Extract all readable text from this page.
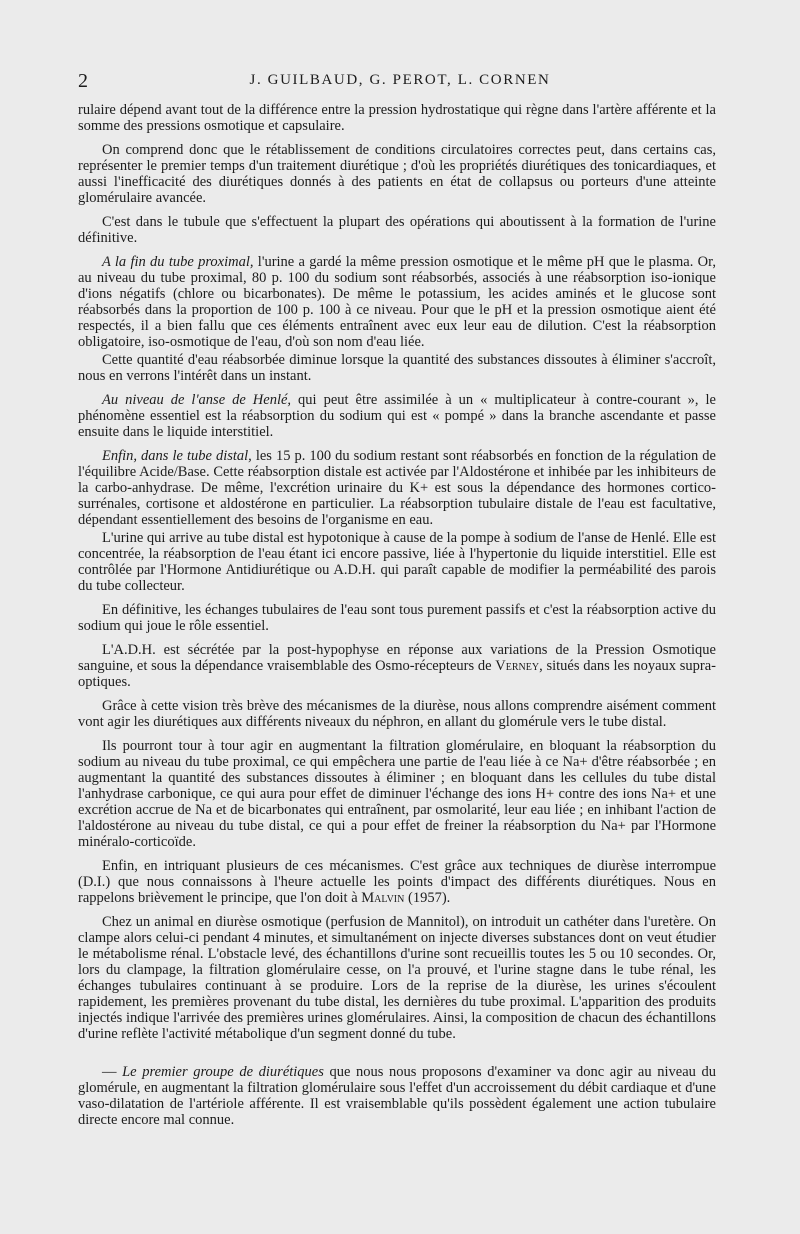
2	J. GUILBAUD, G. PEROT, L. CORNEN

rulaire dépend avant tout de la différence entre la pression hydrostatique qui règne dans l'artère afférente et la somme des pressions osmotique et capsulaire.

On comprend donc que le rétablissement de conditions circulatoires correctes peut, dans certains cas, représenter le premier temps d'un traitement diurétique ; d'où les propriétés diurétiques des tonicardiaques, et aussi l'inefficacité des diurétiques donnés à des patients en état de collapsus ou porteurs d'une atteinte glomérulaire avancée.

C'est dans le tubule que s'effectuent la plupart des opérations qui aboutissent à la formation de l'urine définitive.

A la fin du tube proximal, l'urine a gardé la même pression osmotique et le même pH que le plasma. Or, au niveau du tube proximal, 80 p. 100 du sodium sont réabsorbés, associés à une réabsorption iso-ionique d'ions négatifs (chlore ou bicarbonates). De même le potassium, les acides aminés et le glucose sont réabsorbés dans la proportion de 100 p. 100 à ce niveau. Pour que le pH et la pression osmotique aient été respectés, il a bien fallu que ces éléments entraînent avec eux leur eau de dilution. C'est la réabsorption obligatoire, iso-osmotique de l'eau, d'où son nom d'eau liée.

Cette quantité d'eau réabsorbée diminue lorsque la quantité des substances dissoutes à éliminer s'accroît, nous en verrons l'intérêt dans un instant.

Au niveau de l'anse de Henlé, qui peut être assimilée à un « multiplicateur à contre-courant », le phénomène essentiel est la réabsorption du sodium qui est « pompé » dans la branche ascendante et passe ensuite dans le liquide interstitiel.

Enfin, dans le tube distal, les 15 p. 100 du sodium restant sont réabsorbés en fonction de la régulation de l'équilibre Acide/Base. Cette réabsorption distale est activée par l'Aldostérone et inhibée par les inhibiteurs de la carbo-anhydrase. De même, l'excrétion urinaire du K+ est sous la dépendance des hormones cortico-surrénales, cortisone et aldostérone en particulier. La réabsorption tubulaire distale de l'eau est facultative, dépendant essentiellement des besoins de l'organisme en eau.

L'urine qui arrive au tube distal est hypotonique à cause de la pompe à sodium de l'anse de Henlé. Elle est concentrée, la réabsorption de l'eau étant ici encore passive, liée à l'hypertonie du liquide interstitiel. Elle est contrôlée par l'Hormone Antidiurétique ou A.D.H. qui paraît capable de modifier la perméabilité des parois du tube collecteur.

En définitive, les échanges tubulaires de l'eau sont tous purement passifs et c'est la réabsorption active du sodium qui joue le rôle essentiel.

L'A.D.H. est sécrétée par la post-hypophyse en réponse aux variations de la Pression Osmotique sanguine, et sous la dépendance vraisemblable des Osmo-récepteurs de Verney, situés dans les noyaux supra-optiques.

Grâce à cette vision très brève des mécanismes de la diurèse, nous allons comprendre aisément comment vont agir les diurétiques aux différents niveaux du néphron, en allant du glomérule vers le tube distal.

Ils pourront tour à tour agir en augmentant la filtration glomérulaire, en bloquant la réabsorption du sodium au niveau du tube proximal, ce qui empêchera une partie de l'eau liée à ce Na+ d'être réabsorbée ; en augmentant la quantité des substances dissoutes à éliminer ; en bloquant dans les cellules du tube distal l'anhydrase carbonique, ce qui aura pour effet de diminuer l'échange des ions H+ contre des ions Na+ et une excrétion accrue de Na et de bicarbonates qui entraînent, par osmolarité, leur eau liée ; en inhibant l'action de l'aldostérone au niveau du tube distal, ce qui a pour effet de freiner la réabsorption du Na+ par l'Hormone minéralo-corticoïde.

Enfin, en intriquant plusieurs de ces mécanismes. C'est grâce aux techniques de diurèse interrompue (D.I.) que nous connaissons à l'heure actuelle les points d'impact des différents diurétiques. Nous en rappelons brièvement le principe, que l'on doit à Malvin (1957).

Chez un animal en diurèse osmotique (perfusion de Mannitol), on introduit un cathéter dans l'uretère. On clampe alors celui-ci pendant 4 minutes, et simultanément on injecte diverses substances dont on veut étudier le métabolisme rénal. L'obstacle levé, des échantillons d'urine sont recueillis toutes les 5 ou 10 secondes. Or, lors du clampage, la filtration glomérulaire cesse, on l'a prouvé, et l'urine stagne dans le tube rénal, les échanges tubulaires continuant à se produire. Lors de la reprise de la diurèse, les urines s'écoulent rapidement, les premières provenant du tube distal, les dernières du tube proximal. L'apparition des produits injectés indique l'arrivée des premières urines glomérulaires. Ainsi, la composition de chacun des échantillons d'urine reflète l'activité métabolique d'un segment donné du tube.

— Le premier groupe de diurétiques que nous nous proposons d'examiner va donc agir au niveau du glomérule, en augmentant la filtration glomérulaire sous l'effet d'un accroissement du débit cardiaque et d'une vaso-dilatation de l'artériole afférente. Il est vraisemblable qu'ils possèdent également une action tubulaire directe encore mal connue.
